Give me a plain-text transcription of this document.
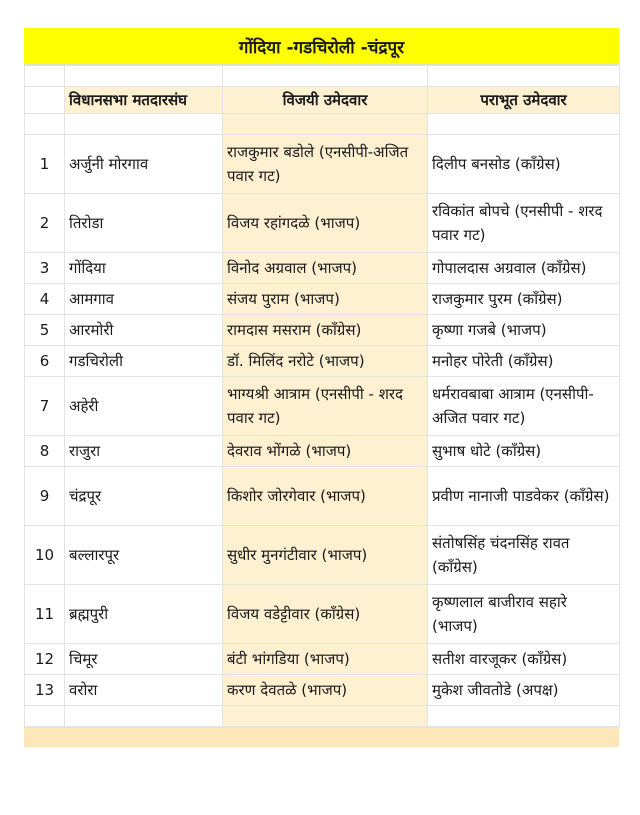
गोंदिया -गडचिरोली -चंद्रपूर

	विधानसभा मतदारसंघ	विजयी उमेदवार	पराभूत उमेदवार

1	अर्जुनी मोरगाव	राजकुमार बडोले (एनसीपी-अजित पवार गट)	दिलीप बनसोड (काँग्रेस)
2	तिरोडा	विजय रहांगदळे (भाजप)	रविकांत बोपचे (एनसीपी - शरद पवार गट)
3	गोंदिया	विनोद अग्रवाल (भाजप)	गोपालदास अग्रवाल (काँग्रेस)
4	आमगाव	संजय पुराम (भाजप)	राजकुमार पुरम (काँग्रेस)
5	आरमोरी	रामदास मसराम (काँग्रेस)	कृष्णा गजबे (भाजप)
6	गडचिरोली	डॉ. मिलिंद नरोटे (भाजप)	मनोहर पोरेती (काँग्रेस)
7	अहेरी	भाग्यश्री आत्राम (एनसीपी - शरद पवार गट)	धर्मरावबाबा आत्राम (एनसीपी-अजित पवार गट)
8	राजुरा	देवराव भोंगळे (भाजप)	सुभाष धोटे (काँग्रेस)
9	चंद्रपूर	किशोर जोरगेवार (भाजप)	प्रवीण नानाजी पाडवेकर (काँग्रेस)
10	बल्लारपूर	सुधीर मुनगंटीवार (भाजप)	संतोषसिंह चंदनसिंह रावत (काँग्रेस)
11	ब्रह्मपुरी	विजय वडेट्टीवार (काँग्रेस)	कृष्णलाल बाजीराव सहारे (भाजप)
12	चिमूर	बंटी भांगडिया (भाजप)	सतीश वारजूकर (काँग्रेस)
13	वरोरा	करण देवतळे (भाजप)	मुकेश जीवतोडे (अपक्ष)
